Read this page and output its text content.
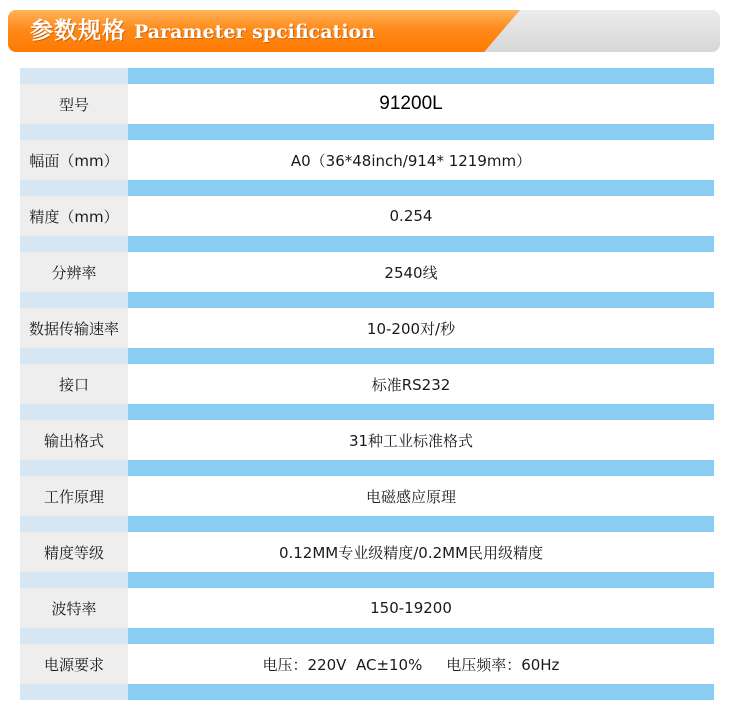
参数规格 Parameter spcification
型号	91200L
幅面（mm）	A0（36*48inch/914* 1219mm）
精度（mm）	0.254
分辨率	2540线
数据传输速率	10-200对/秒
接口	标准RS232
输出格式	31种工业标准格式
工作原理	电磁感应原理
精度等级	0.12MM专业级精度/0.2MM民用级精度
波特率	150-19200
电源要求	电压：220V  AC±10%     电压频率：60Hz
